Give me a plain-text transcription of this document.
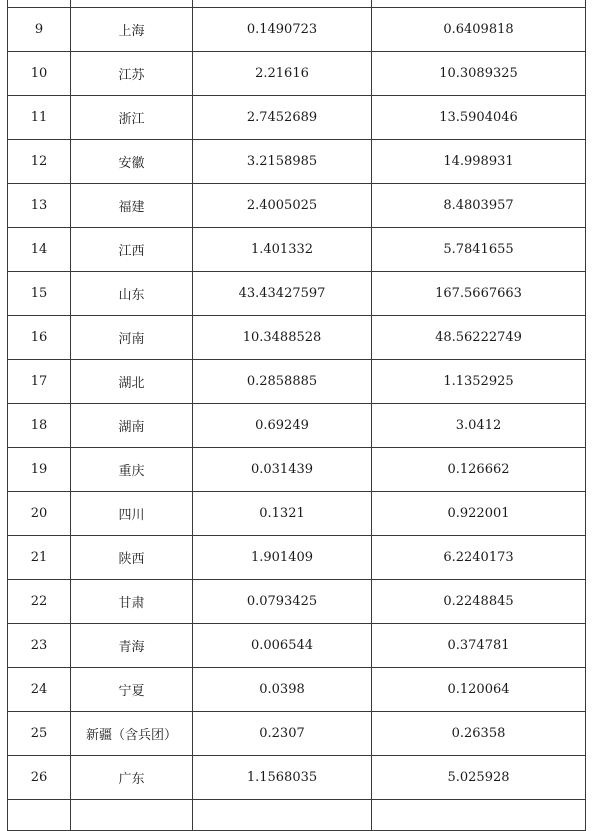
9	上海	0.1490723	0.6409818
10	江苏	2.21616	10.3089325
11	浙江	2.7452689	13.5904046
12	安徽	3.2158985	14.998931
13	福建	2.4005025	8.4803957
14	江西	1.401332	5.7841655
15	山东	43.43427597	167.5667663
16	河南	10.3488528	48.56222749
17	湖北	0.2858885	1.1352925
18	湖南	0.69249	3.0412
19	重庆	0.031439	0.126662
20	四川	0.1321	0.922001
21	陕西	1.901409	6.2240173
22	甘肃	0.0793425	0.2248845
23	青海	0.006544	0.374781
24	宁夏	0.0398	0.120064
25	新疆（含兵团）	0.2307	0.26358
26	广东	1.1568035	5.025928
